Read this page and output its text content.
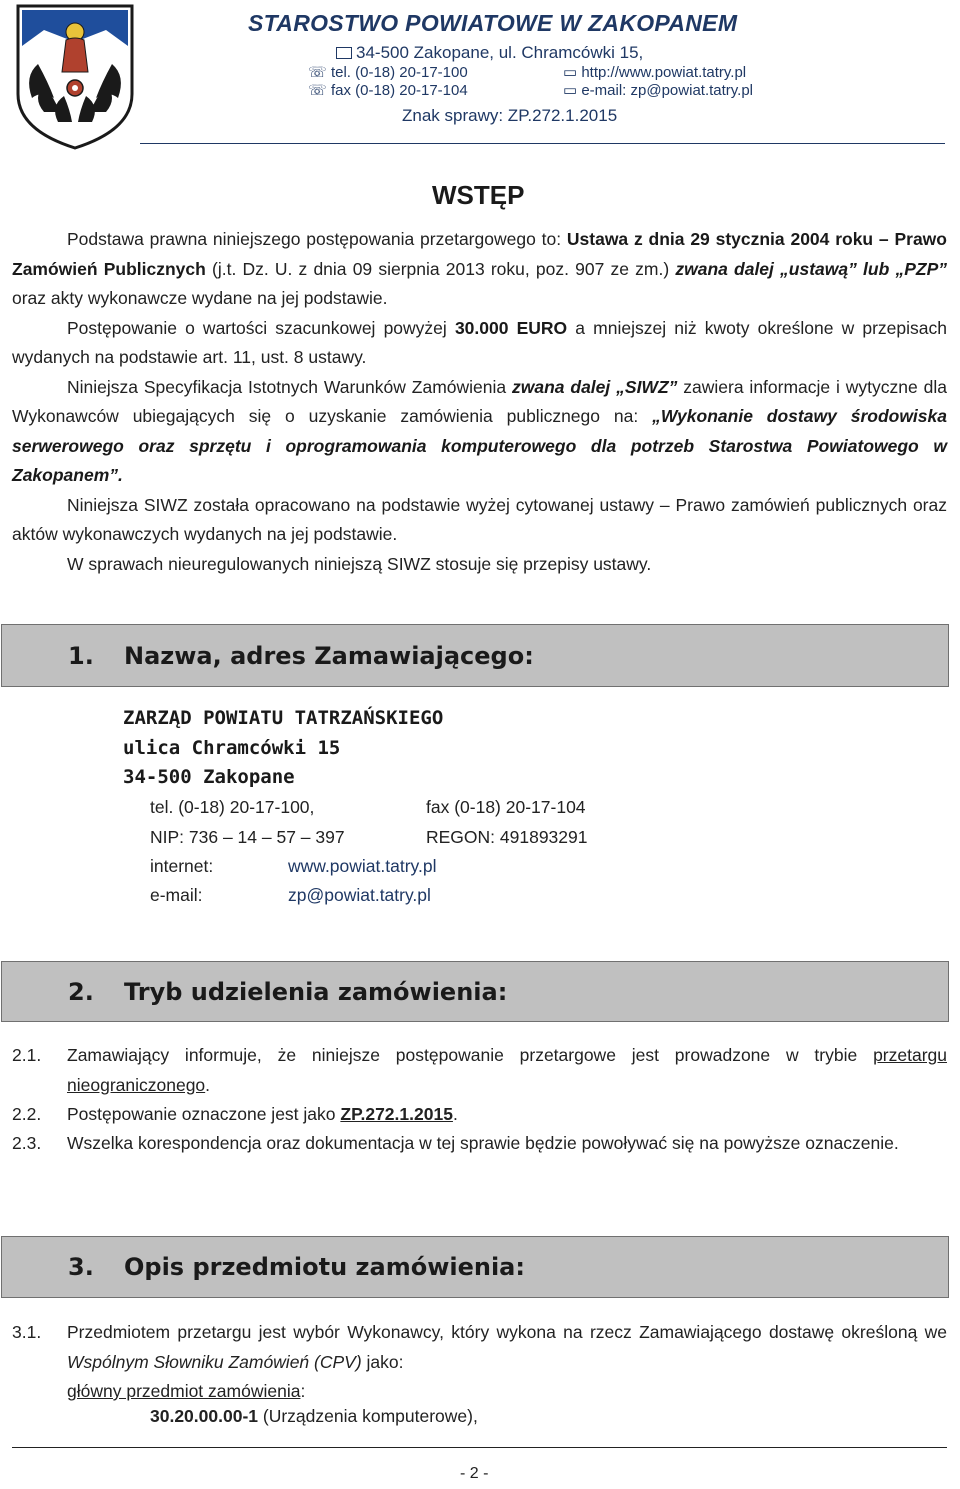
STAROSTWO POWIATOWE W ZAKOPANEM
34-500 Zakopane, ul. Chramcówki 15,
☏ tel. (0-18) 20-17-100	▭ http://www.powiat.tatry.pl
☏ fax (0-18) 20-17-104	▭ e-mail: zp@powiat.tatry.pl
Znak sprawy: ZP.272.1.2015
WSTĘP
Podstawa prawna niniejszego postępowania przetargowego to: Ustawa z dnia 29 stycznia 2004 roku – Prawo Zamówień Publicznych (j.t. Dz. U. z dnia 09 sierpnia 2013 roku, poz. 907 ze zm.) zwana dalej „ustawą” lub „PZP” oraz akty wykonawcze wydane na jej podstawie.
Postępowanie o wartości szacunkowej powyżej 30.000 EURO a mniejszej niż kwoty określone w przepisach wydanych na podstawie art. 11, ust. 8 ustawy.
Niniejsza Specyfikacja Istotnych Warunków Zamówienia zwana dalej „SIWZ” zawiera informacje i wytyczne dla Wykonawców ubiegających się o uzyskanie zamówienia publicznego na: „Wykonanie dostawy środowiska serwerowego oraz sprzętu i oprogramowania komputerowego dla potrzeb Starostwa Powiatowego w Zakopanem”.
Niniejsza SIWZ została opracowano na podstawie wyżej cytowanej ustawy – Prawo zamówień publicznych oraz aktów wykonawczych wydanych na jej podstawie.
W sprawach nieuregulowanych niniejszą SIWZ stosuje się przepisy ustawy.
1. Nazwa, adres Zamawiającego:
ZARZĄD POWIATU TATRZAŃSKIEGO
ulica Chramcówki 15
34-500 Zakopane
tel. (0-18) 20-17-100,	fax (0-18) 20-17-104
NIP: 736 – 14 – 57 – 397	REGON: 491893291
internet:	www.powiat.tatry.pl
e-mail:	zp@powiat.tatry.pl
2. Tryb udzielenia zamówienia:
2.1. Zamawiający informuje, że niniejsze postępowanie przetargowe jest prowadzone w trybie przetargu nieograniczonego.
2.2. Postępowanie oznaczone jest jako ZP.272.1.2015.
2.3. Wszelka korespondencja oraz dokumentacja w tej sprawie będzie powoływać się na powyższe oznaczenie.
3. Opis przedmiotu zamówienia:
3.1. Przedmiotem przetargu jest wybór Wykonawcy, który wykona na rzecz Zamawiającego dostawę określoną we Wspólnym Słowniku Zamówień (CPV) jako:
główny przedmiot zamówienia:
30.20.00.00-1 (Urządzenia komputerowe),
- 2 -
